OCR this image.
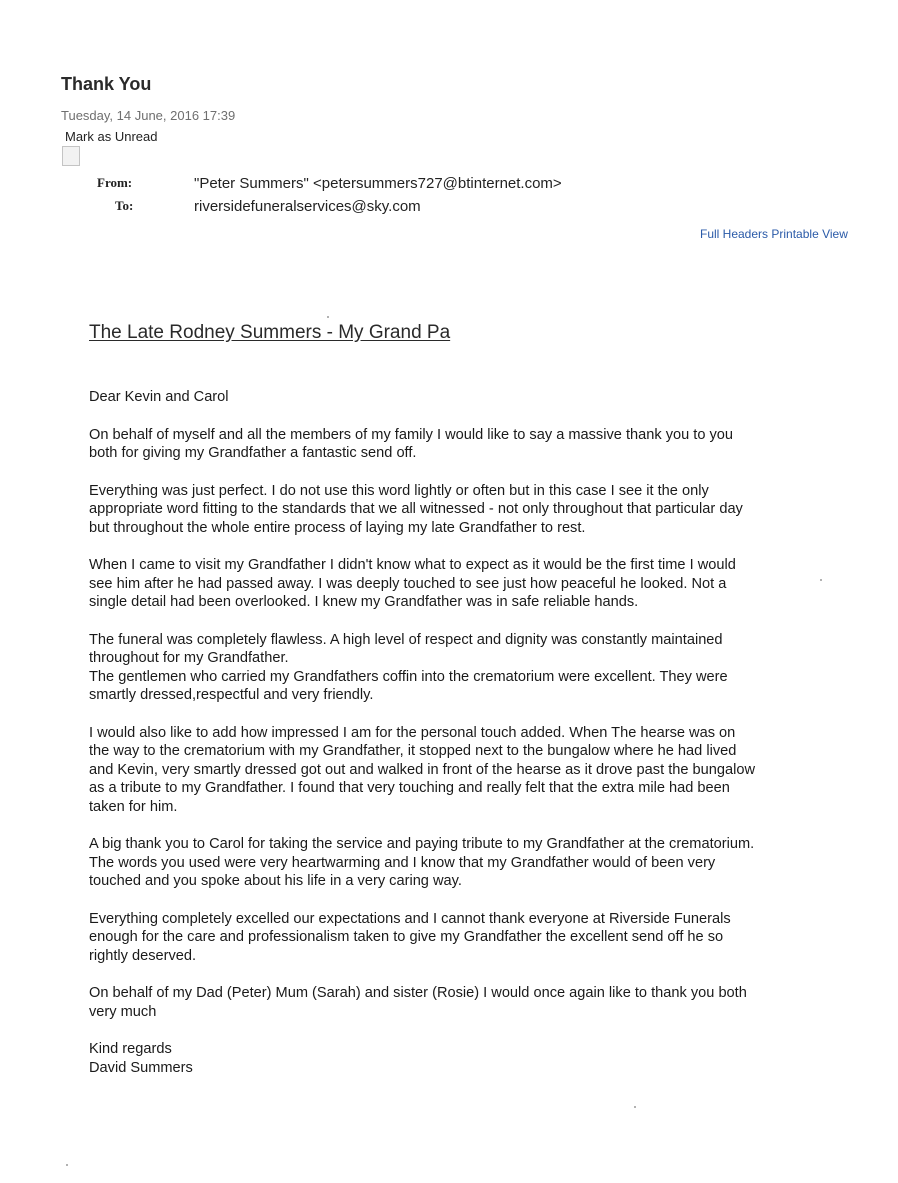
Thank You
Tuesday, 14 June, 2016 17:39
Mark as Unread
From:	"Peter Summers" <petersummers727@btinternet.com>
To:	riversidefuneralservices@sky.com
Full Headers Printable View
The Late Rodney Summers - My Grand Pa

Dear Kevin and Carol

On behalf of myself and all the members of my family I would like to say a massive thank you to you
both for giving my Grandfather a fantastic send off.

Everything was just perfect. I do not use this word lightly or often but in this case I see it the only
appropriate word fitting to the standards that we all witnessed - not only throughout that particular day
but throughout the whole entire process of laying my late Grandfather to rest.

When I came to visit my Grandfather I didn't know what to expect as it would be the first time I would
see him after he had passed away. I was deeply touched to see just how peaceful he looked. Not a
single detail had been overlooked. I knew my Grandfather was in safe reliable hands.

The funeral was completely flawless. A high level of respect and dignity was constantly maintained
throughout for my Grandfather.
The gentlemen who carried my Grandfathers coffin into the crematorium were excellent. They were
smartly dressed,respectful and very friendly.

I would also like to add how impressed I am for the personal touch added. When The hearse was on
the way to the crematorium with my Grandfather, it stopped next to the bungalow where he had lived
and Kevin, very smartly dressed got out and walked in front of the hearse as it drove past the bungalow
as a tribute to my Grandfather. I found that very touching and really felt that the extra mile had been
taken for him.

A big thank you to Carol for taking the service and paying tribute to my Grandfather at the crematorium.
The words you used were very heartwarming and I know that my Grandfather would of been very
touched and you spoke about his life in a very caring way.

Everything completely excelled our expectations and I cannot thank everyone at Riverside Funerals
enough for the care and professionalism taken to give my Grandfather the excellent send off he so
rightly deserved.

On behalf of my Dad (Peter) Mum (Sarah) and sister (Rosie) I would once again like to thank you both
very much

Kind regards
David Summers
